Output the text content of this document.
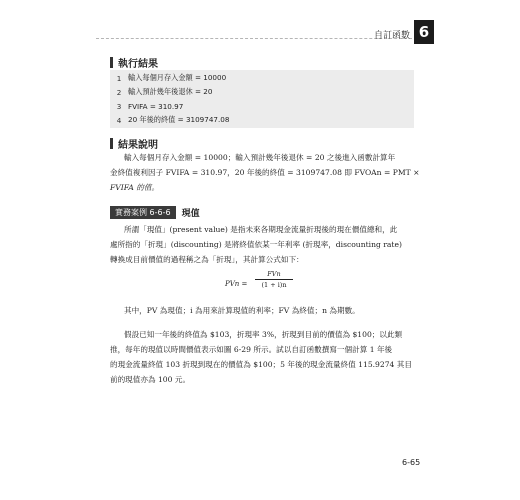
自訂函數 6
執行結果
1 輸入每個月存入金額 = 10000
2 輸入預計幾年後退休 = 20
3 FVIFA = 310.97
4 20 年後的終值 = 3109747.08
結果說明
輸入每個月存入金額 = 10000；輸入預計幾年後退休 = 20 之後進入函數計算年
金終值複利因子 FVIFA = 310.97，20 年後的終值 = 3109747.08 即 FVOAn = PMT ×
FVIFA 的值。
實務案例 6-6-6	現值
所謂「現值」(present value) 是指未來各期現金流量折現後的現在價值總和，此
處所指的「折現」(discounting) 是將終值依某一年利率 (折現率，discounting rate)
轉換成目前價值的過程稱之為「折現」，其計算公式如下：
PVn =
FVn
(1 + i)n
其中，PV 為現值；i 為用來計算現值的利率；FV 為終值；n 為期數。
假設已知一年後的終值為 $103，折現率 3%，折現到目前的價值為 $100；以此類
推，每年的現值以時間價值表示如圖 6-29 所示。試以自訂函數撰寫一個計算 1 年後
的現金流量終值 103 折現到現在的價值為 $100；5 年後的現金流量終值 115.9274 其目
前的現值亦為 100 元。
6-65
